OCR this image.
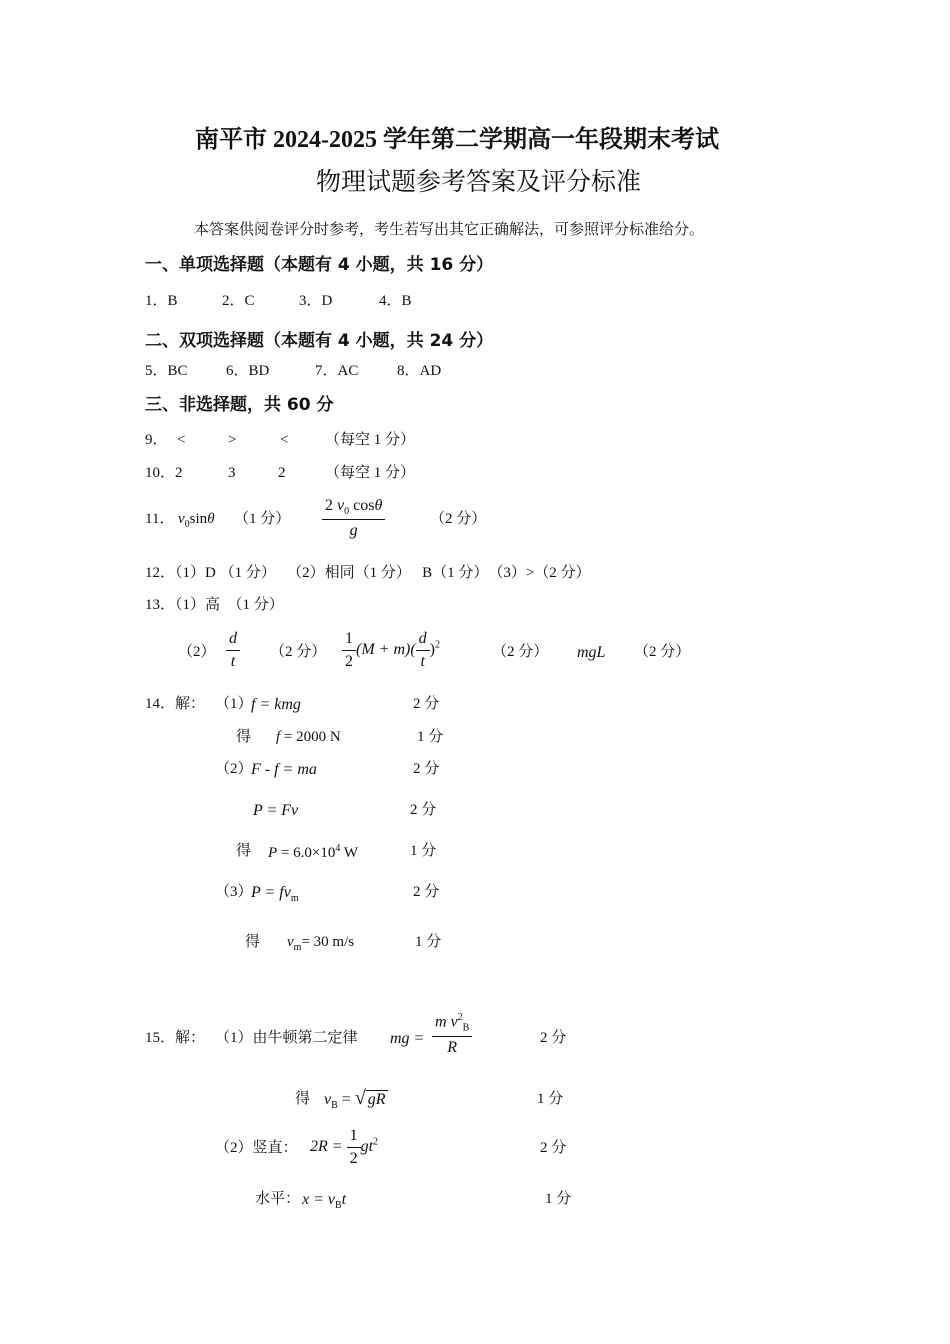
南平市 2024-2025 学年第二学期高一年段期末考试
物理试题参考答案及评分标准
本答案供阅卷评分时参考，考生若写出其它正确解法，可参照评分标准给分。
一、单项选择题（本题有 4 小题，共 16 分）
1．B	2．C	3．D	4．B
二、双项选择题（本题有 4 小题，共 24 分）
5．BC	6．BD	7．AC	8．AD
三、非选择题，共 60 分
9． <	>	< （每空 1 分）
10．2	3	2	（每空 1 分）
11． $v_0\sin\theta$ （1 分） $\frac{2 v_0 \cos\theta}{g}$	（2 分）
12．（1）D （1 分）　 （2）相同（1 分）　 B（1 分）　（3）>（2 分）
13．（1）高　（1 分）
$(2) \frac{d}{t} (2$ 分） $\frac{1}{2} (M + m)( \frac{d}{t} )^2$	（2 分） mgL （2 分）
14．解： （1）
f = kmg	2 分
得 f = 2000 N	1 分
（2）
F - f = ma	2 分
P = Fv	2 分
得 $P = 6.0\times 10^4$ W	1 分
（3）
$P = fv_m$	2 分
得 $v_m= 30$ m/s	1 分
15．解： （1）由牛顿第二定律 mg = $\frac{m v^2_B}{R}$	2 分
得 $v_B$ = √ gR	1 分
（2）竖直： $2R = \frac{1}{2} gt^2$	2 分
水平： $x = v_Bt$	1 分
